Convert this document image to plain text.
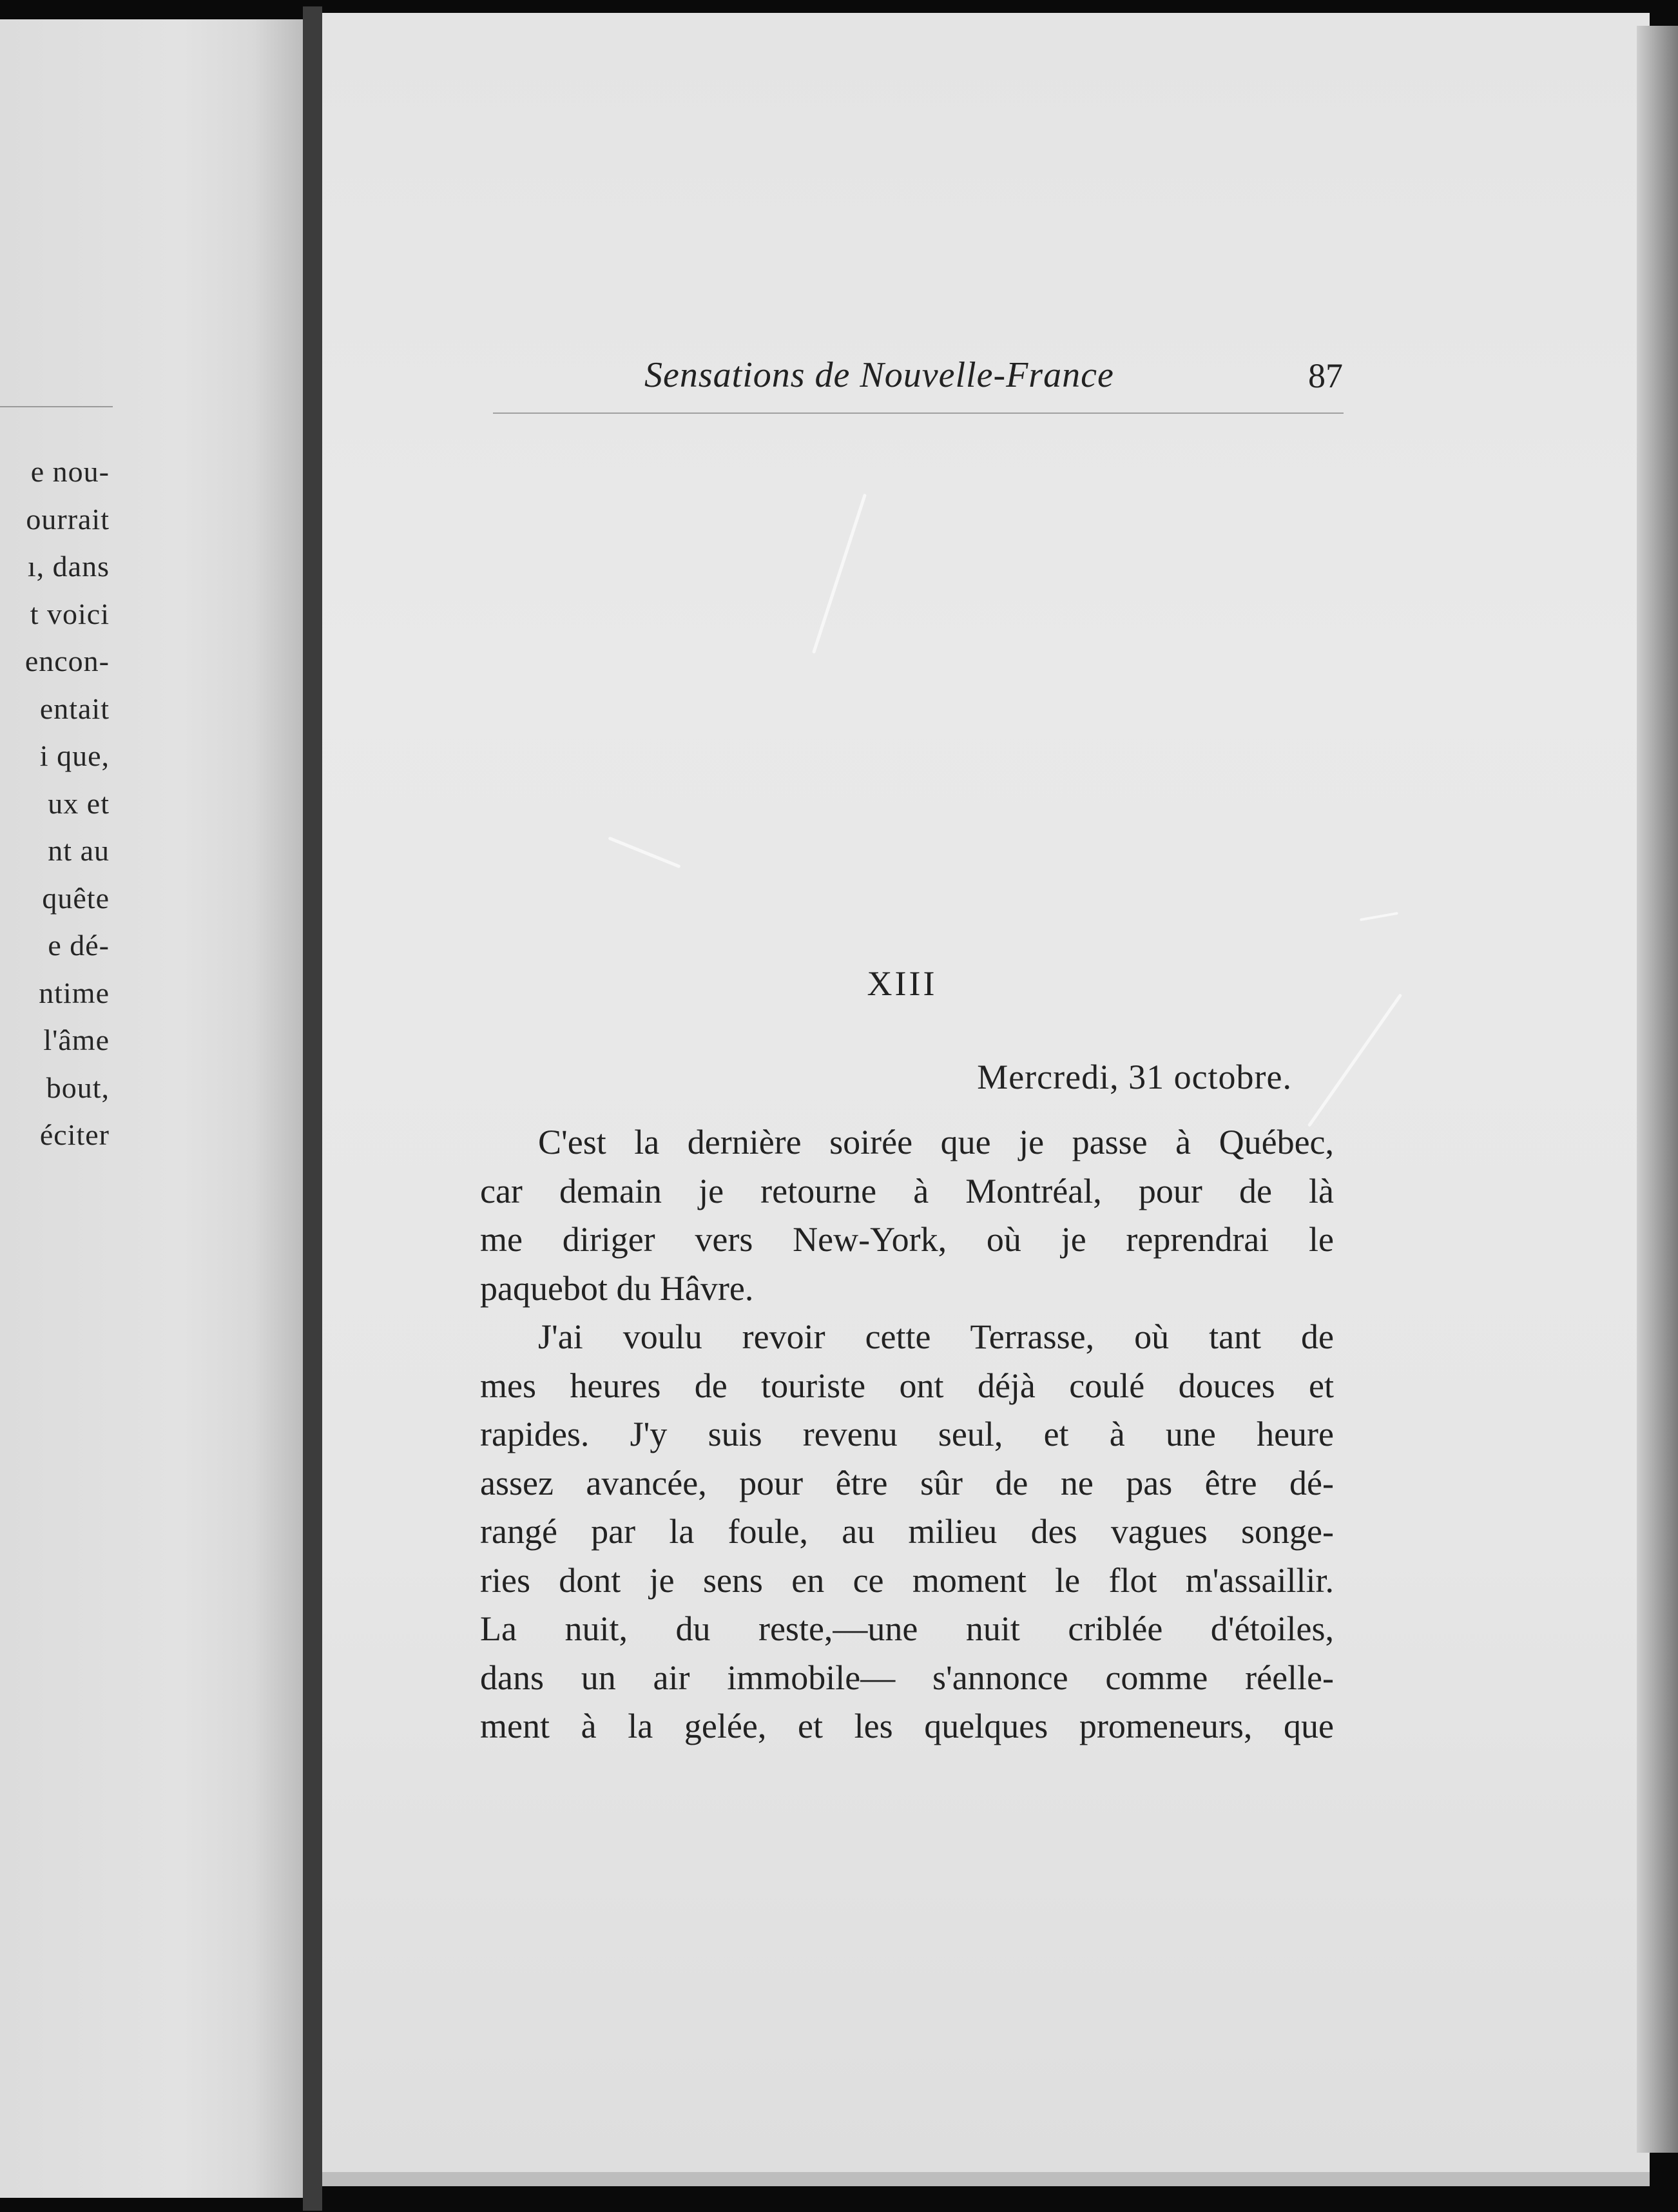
e nou-
ourrait
ı, dans
t voici
encon-
entait
i que,
ux et
nt au
quête
e dé-
ntime
l'âme
bout,
éciter
Sensations de Nouvelle-France	87
XIII
Mercredi, 31 octobre.
C'est la dernière soirée que je passe à Québec,
car demain je retourne à Montréal, pour de là
me diriger vers New-York, où je reprendrai le
paquebot du Hâvre.
J'ai voulu revoir cette Terrasse, où tant de
mes heures de touriste ont déjà coulé douces et
rapides. J'y suis revenu seul, et à une heure
assez avancée, pour être sûr de ne pas être dé-
rangé par la foule, au milieu des vagues songe-
ries dont je sens en ce moment le flot m'assaillir.
La nuit, du reste,—une nuit criblée d'étoiles,
dans un air immobile— s'annonce comme réelle-
ment à la gelée, et les quelques promeneurs, que
